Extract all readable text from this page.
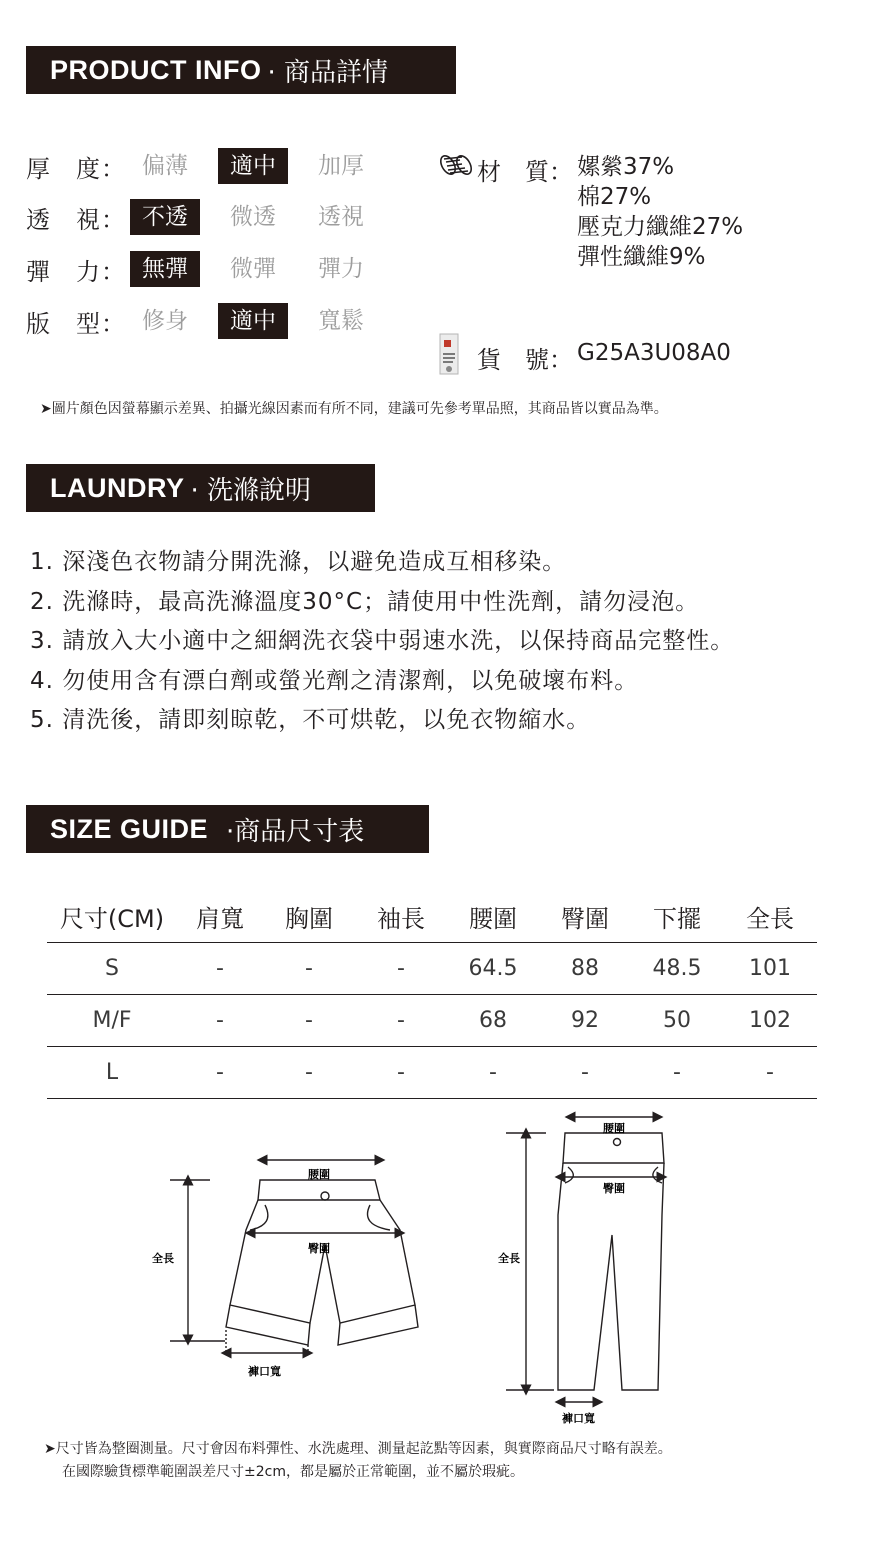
PRODUCT INFO · 商品詳情
厚　度： 偏薄	適中	加厚
透　視： 不透	微透	透視
彈　力： 無彈	微彈	彈力
版　型： 修身	適中	寬鬆
材　質： 嫘縈37%
棉27%
壓克力纖維27%
彈性纖維9%
貨　號： G25A3U08A0
➤圖片顏色因螢幕顯示差異、拍攝光線因素而有所不同，建議可先參考單品照，其商品皆以實品為準。
LAUNDRY · 洗滌說明
1. 深淺色衣物請分開洗滌，以避免造成互相移染。
2. 洗滌時，最高洗滌溫度30°C；請使用中性洗劑，請勿浸泡。
3. 請放入大小適中之細網洗衣袋中弱速水洗，以保持商品完整性。
4. 勿使用含有漂白劑或螢光劑之清潔劑，以免破壞布料。
5. 清洗後，請即刻晾乾，不可烘乾，以免衣物縮水。
SIZE GUIDE ·商品尺寸表
尺寸(CM)	肩寬	胸圍	袖長	腰圍	臀圍	下擺	全長
S	-	-	-	64.5	88	48.5	101
M/F	-	-	-	68	92	50	102
L	-	-	-	-	-	-	-
腰圍
臀圍
全長
褲口寬
腰圍
臀圍
全長
褲口寬
➤尺寸皆為整圈測量。尺寸會因布料彈性、水洗處理、測量起訖點等因素，與實際商品尺寸略有誤差。
在國際驗貨標準範圍誤差尺寸±2cm，都是屬於正常範圍，並不屬於瑕疵。
